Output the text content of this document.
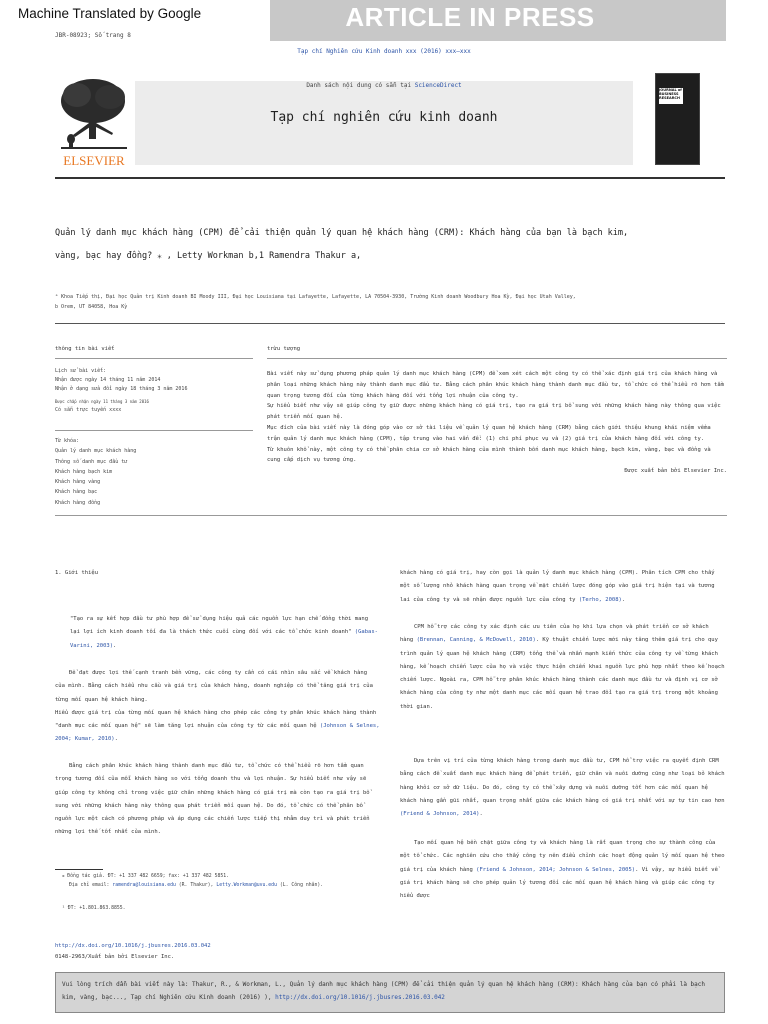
Machine Translated by Google	ARTICLE IN PRESS
JBR-08923; Số trang 8
Tạp chí Nghiên cứu Kinh doanh xxx (2016) xxx–xxx
ELSEVIER
Danh sách nội dung có sẵn tại ScienceDirect
Tạp chí nghiên cứu kinh doanh
JOURNAL of BUSINESS RESEARCH
Quản lý danh mục khách hàng (CPM) để cải thiện quản lý quan hệ khách hàng (CRM): Khách hàng của bạn là bạch kim,
vàng, bạc hay đồng? ⁎ , Letty Workman b,1 Ramendra Thakur a,
ᵃ Khoa Tiếp thị, Đại học Quản trị Kinh doanh BI Moody III, Đại học Louisiana tại Lafayette, Lafayette, LA 70504-3930, Trường Kinh doanh Woodbury Hoa Kỳ, Đại học Utah Valley,
b Orem, UT 84058, Hoa Kỳ
thông tin bài viết
Lịch sử bài viết:
Nhận được ngày 14 tháng 11 năm 2014
Nhận ở dạng sửa đổi ngày 18 tháng 3 năm 2016
Được chấp nhận ngày 11 tháng 3 năm 2016
Có sẵn trực tuyến xxxx
Từ khóa:
Quản lý danh mục khách hàng
Thông số danh mục đầu tư
Khách hàng bạch kim
Khách hàng vàng
Khách hàng bạc
Khách hàng đồng
trừu tượng

Bài viết này sử dụng phương pháp quản lý danh mục khách hàng (CPM) để xem xét cách một công ty có thể xác định giá trị của khách hàng và phân loại những khách hàng này thành danh mục đầu tư. Bằng cách phân khúc khách hàng thành danh mục đầu tư, tổ chức có thể hiểu rõ hơn tầm quan trọng tương đối của từng khách hàng đối với tổng lợi nhuận của công ty.

Sự hiểu biết như vậy sẽ giúp công ty giữ được những khách hàng có giá trị, tạo ra giá trị bổ sung với những khách hàng này thông qua việc phát triển mối quan hệ.

Mục đích của bài viết này là đóng góp vào cơ sở tài liệu về quản lý quan hệ khách hàng (CRM) bằng cách giới thiệu khung khái niệm vềma trận quản lý danh mục khách hàng (CPM), tập trung vào hai vấn đề: (1) chi phí phục vụ và (2) giá trị của khách hàng đối với công ty.

Từ khuôn khổ này, một công ty có thể phân chia cơ sở khách hàng của mình thành bốn danh mục khách hàng, bạch kim, vàng, bạc và đồng và cung cấp dịch vụ tương ứng.

Được xuất bản bởi Elsevier Inc.

1. Giới thiệu

"Tạo ra sự kết hợp đầu tư phù hợp để sử dụng hiệu quả các nguồn lực hạn chế đồng thời mang lại lợi ích kinh doanh tối đa là thách thức cuối cùng đối với các tổ chức kinh doanh" (Gabas-Varini, 2003).

Để đạt được lợi thế cạnh tranh bền vững, các công ty cần có cái nhìn sâu sắc về khách hàng của mình. Bằng cách hiểu nhu cầu và giá trị của khách hàng, doanh nghiệp có thể tăng giá trị của từng mối quan hệ khách hàng.

Hiểu được giá trị của từng mối quan hệ khách hàng cho phép các công ty phân khúc khách hàng thành "danh mục các mối quan hệ" sẽ làm tăng lợi nhuận của công ty từ các mối quan hệ (Johnson & Selnes, 2004; Kumar, 2010).

Bằng cách phân khúc khách hàng thành danh mục đầu tư, tổ chức có thể hiểu rõ hơn tầm quan trọng tương đối của mỗi khách hàng so với tổng doanh thu và lợi nhuận. Sự hiểu biết như vậy sẽ giúp công ty không chỉ trong việc giữ chân những khách hàng có giá trị mà còn tạo ra giá trị bổ sung với những khách hàng này thông qua phát triển mối quan hệ. Do đó, tổ chức có thể phân bổ nguồn lực một cách có phương pháp và áp dụng các chiến lược tiếp thị nhằm duy trì và phát triển những lợi thế tốt nhất của mình.

⁎ Đồng tác giả. ĐT: +1 337 482 6659; fax: +1 337 482 5851.
Địa chỉ email: ramendra@louisiana.edu (R. Thakur), Letty.Workman@uvu.edu (L. Công nhân).
¹ ĐT: +1.801.863.8855.

khách hàng có giá trị, hay còn gọi là quản lý danh mục khách hàng (CPM). Phân tích CPM cho thấy một số lượng nhỏ khách hàng quan trọng về mặt chiến lược đóng góp vào giá trị hiện tại và tương lai của công ty và sẽ nhận được nguồn lực của công ty (Terho, 2008).

CPM hỗ trợ các công ty xác định các ưu tiên của họ khi lựa chọn và phát triển cơ sở khách hàng (Brennan, Canning, & McDowell, 2010). Kỹ thuật chiến lược mới này tăng thêm giá trị cho quy trình quản lý quan hệ khách hàng (CRM) tổng thể và nhấn mạnh kiến thức của công ty về từng khách hàng, kế hoạch chiến lược của họ và việc thực hiện chiến khai nguồn lực phù hợp nhất theo kế hoạch chiến lược. Ngoài ra, CPM hỗ trợ phân khúc khách hàng thành các danh mục đầu tư và định vị cơ sở khách hàng của công ty như một danh mục các mối quan hệ trao đổi tạo ra giá trị trong một khoảng thời gian.

Dựa trên vị trí của từng khách hàng trong danh mục đầu tư, CPM hỗ trợ việc ra quyết định CRM bằng cách đề xuất danh mục khách hàng để phát triển, giữ chân và nuôi dưỡng cũng như loại bỏ khách hàng khỏi cơ sở dữ liệu. Do đó, công ty có thể xây dựng và nuôi dưỡng tốt hơn các mối quan hệ khách hàng gần gũi nhất, quan trọng nhất giữa các khách hàng có giá trị nhất với sự tự tin cao hơn (Friend & Johnson, 2014).

Tạo mối quan hệ bền chặt giữa công ty và khách hàng là rất quan trọng cho sự thành công của một tổ chức. Các nghiên cứu cho thấy công ty nên điều chỉnh các hoạt động quản lý mối quan hệ theo giá trị của khách hàng (Friend & Johnson, 2014; Johnson & Selnes, 2005). Vì vậy, sự hiểu biết về giá trị khách hàng sẽ cho phép quản lý tương đối các mối quan hệ khách hàng và giúp các công ty hiểu được

http://dx.doi.org/10.1016/j.jbusres.2016.03.042
0148-2963/Xuất bản bởi Elsevier Inc.
Vui lòng trích dẫn bài viết này là: Thakur, R., & Workman, L., Quản lý danh mục khách hàng (CPM) để cải thiện quản lý quan hệ khách hàng (CRM): Khách hàng của bạn có phải là bạch kim, vàng, bạc..., Tạp chí Nghiên cứu Kinh doanh (2016) ), http://dx.doi.org/10.1016/j.jbusres.2016.03.042
